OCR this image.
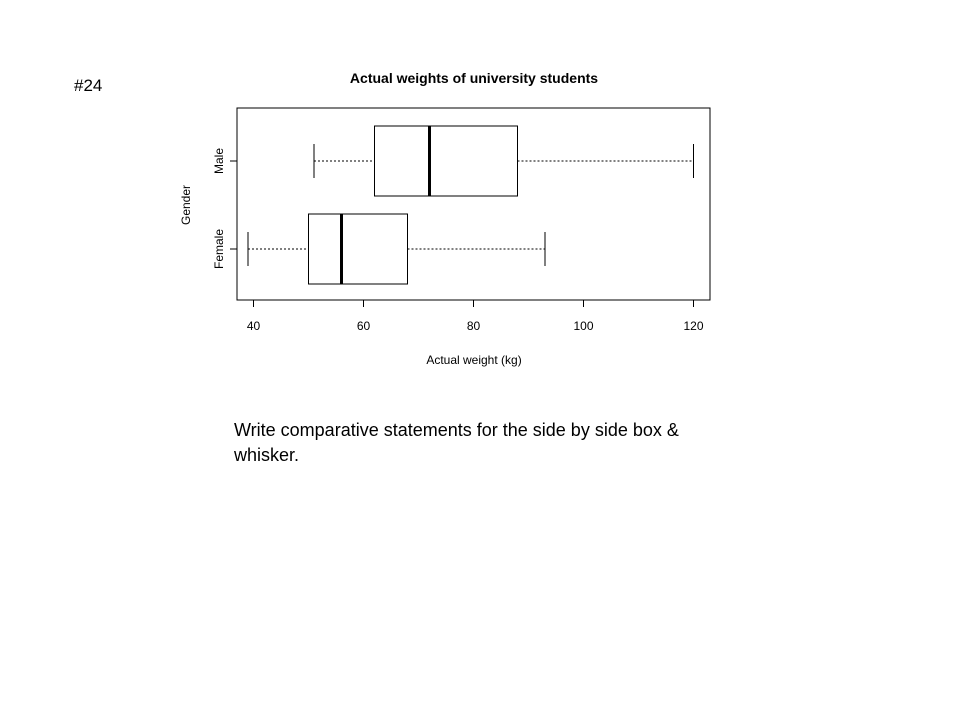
#24	Actual weights of university students
Male
Female
40	60	80	100	120
Actual weight (kg)
Gender
Write comparative statements for the side by side box & whisker.
